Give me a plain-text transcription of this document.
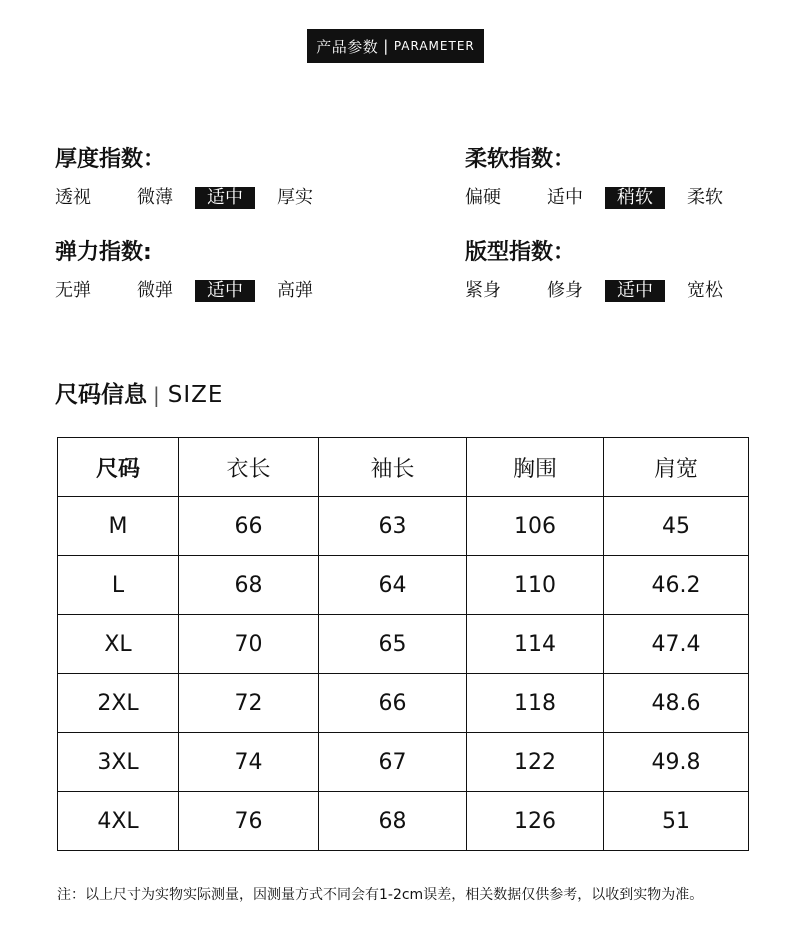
产品参数 | PARAMETER
厚度指数：
透视	微薄	适中	厚实
柔软指数：
偏硬	适中	稍软	柔软
弹力指数:
无弹	微弹	适中	高弹
版型指数：
紧身	修身	适中	宽松
尺码信息 | SIZE
尺码	衣长	袖长	胸围	肩宽
M	66	63	106	45
L	68	64	110	46.2
XL	70	65	114	47.4
2XL	72	66	118	48.6
3XL	74	67	122	49.8
4XL	76	68	126	51
注：以上尺寸为实物实际测量，因测量方式不同会有1-2cm误差，相关数据仅供参考，以收到实物为准。
